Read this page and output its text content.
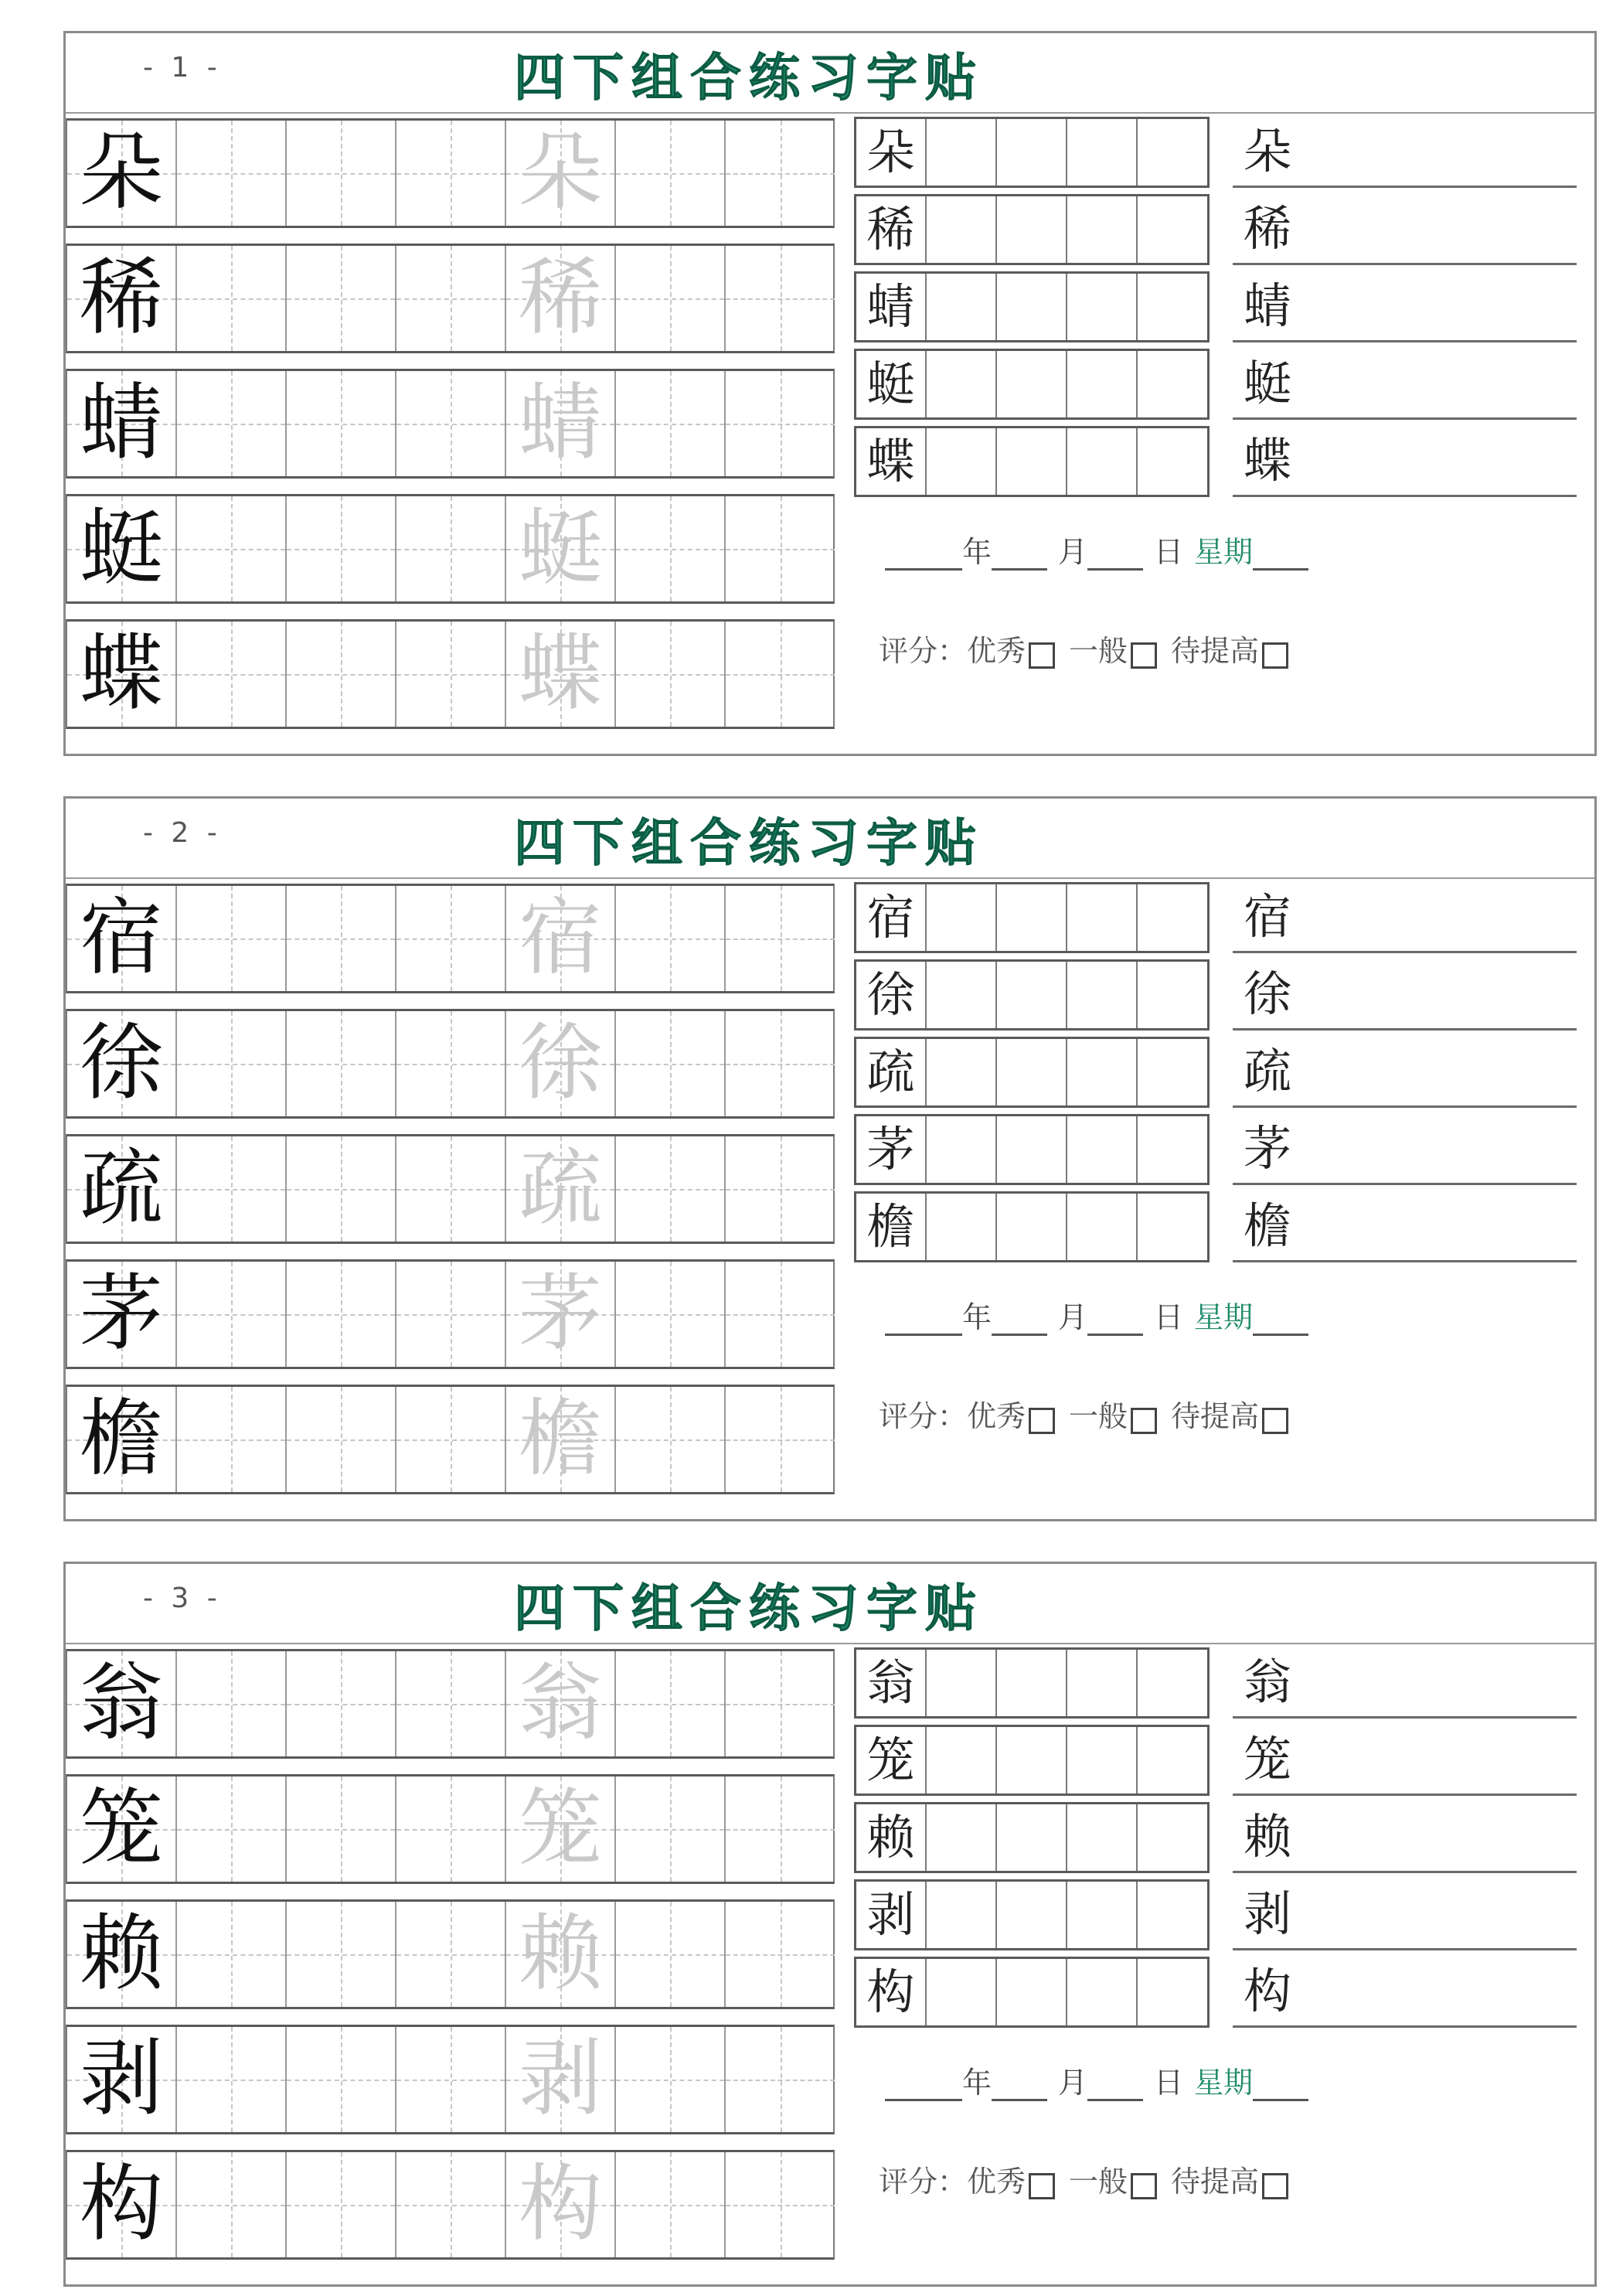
- 1 -	四下组合练习字贴
朵	朵	朵	朵
稀	稀
稀	稀
蜻	蜻
蜻	蜻
蜓	蜓
蜓	蜓
蝶	蝶
蝶	蝶
年 月 日 星期
评分：优秀 一般 待提高
- 2 -	四下组合练习字贴
宿	宿	宿	宿
徐	徐
徐	徐
疏	疏
疏	疏
茅	茅
茅	茅
檐	檐
檐	檐
年 月 日 星期
评分：优秀 一般 待提高
- 3 -	四下组合练习字贴
翁	翁	翁	翁
笼	笼
笼	笼
赖	赖
赖	赖
剥	剥
剥	剥
构	构
构	构
年 月 日 星期
评分：优秀 一般 待提高
